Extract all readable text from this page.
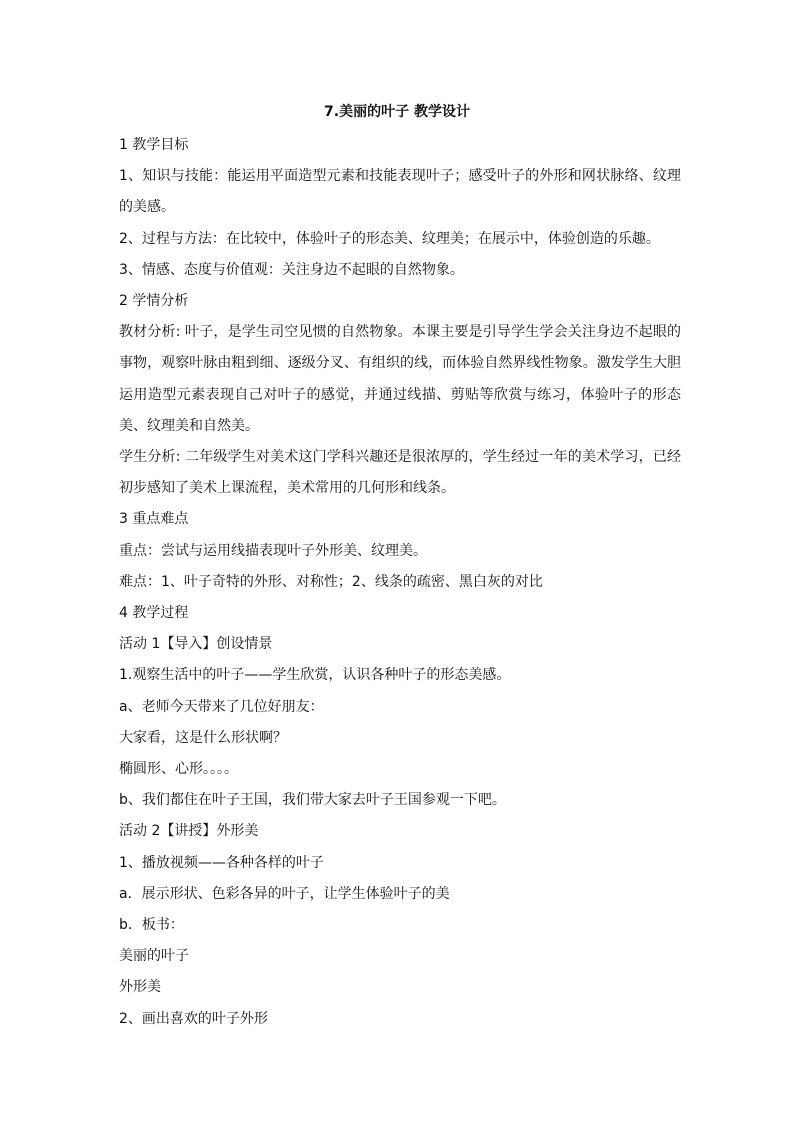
7.美丽的叶子 教学设计

1 教学目标

1、知识与技能：能运用平面造型元素和技能表现叶子；感受叶子的外形和网状脉络、纹理的美感。

2、过程与方法：在比较中，体验叶子的形态美、纹理美；在展示中，体验创造的乐趣。

3、情感、态度与价值观：关注身边不起眼的自然物象。

2 学情分析

教材分析: 叶子，是学生司空见惯的自然物象。本课主要是引导学生学会关注身边不起眼的事物，观察叶脉由粗到细、逐级分叉、有组织的线，而体验自然界线性物象。激发学生大胆运用造型元素表现自己对叶子的感觉，并通过线描、剪贴等欣赏与练习，体验叶子的形态美、纹理美和自然美。

学生分析: 二年级学生对美术这门学科兴趣还是很浓厚的，学生经过一年的美术学习，已经初步感知了美术上课流程，美术常用的几何形和线条。

3 重点难点

重点：尝试与运用线描表现叶子外形美、纹理美。

难点：1、叶子奇特的外形、对称性；2、线条的疏密、黑白灰的对比

4 教学过程

活动 1【导入】创设情景

1.观察生活中的叶子——学生欣赏，认识各种叶子的形态美感。

a、老师今天带来了几位好朋友：

大家看，这是什么形状啊？

椭圆形、心形。。。。

b、我们都住在叶子王国，我们带大家去叶子王国参观一下吧。

活动 2【讲授】外形美

1、播放视频——各种各样的叶子

a．展示形状、色彩各异的叶子，让学生体验叶子的美

b．板书：

美丽的叶子

外形美

2、画出喜欢的叶子外形
